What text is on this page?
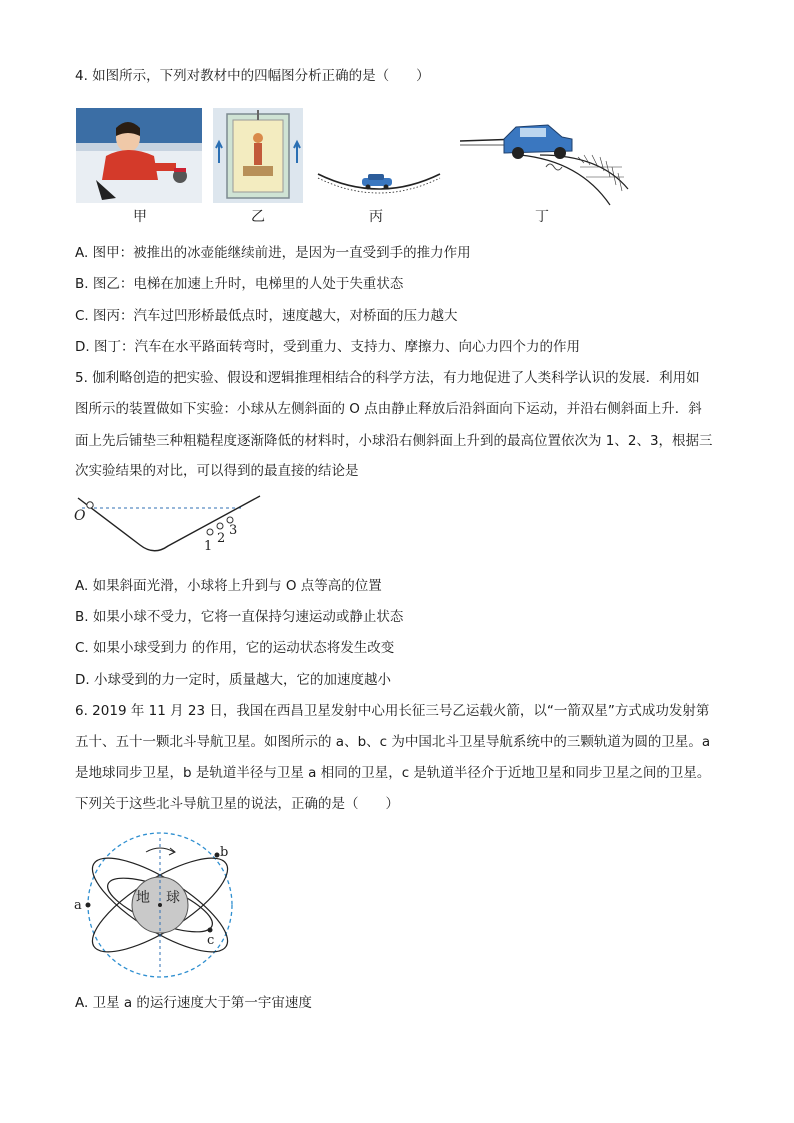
4. 如图所示，下列对教材中的四幅图分析正确的是（　　）
甲	乙	丙	丁
A. 图甲：被推出的冰壶能继续前进，是因为一直受到手的推力作用
B. 图乙：电梯在加速上升时，电梯里的人处于失重状态
C. 图丙：汽车过凹形桥最低点时，速度越大，对桥面的压力越大
D. 图丁：汽车在水平路面转弯时，受到重力、支持力、摩擦力、向心力四个力的作用
5. 伽利略创造的把实验、假设和逻辑推理相结合的科学方法，有力地促进了人类科学认识的发展．利用如
图所示的装置做如下实验：小球从左侧斜面的 O 点由静止释放后沿斜面向下运动，并沿右侧斜面上升．斜
面上先后铺垫三种粗糙程度逐渐降低的材料时，小球沿右侧斜面上升到的最高位置依次为 1、2、3，根据三
次实验结果的对比，可以得到的最直接的结论是
O
1
2
3
A. 如果斜面光滑，小球将上升到与 O 点等高的位置
B. 如果小球不受力，它将一直保持匀速运动或静止状态
C. 如果小球受到力 的作用，它的运动状态将发生改变
D. 小球受到的力一定时，质量越大，它的加速度越小
6. 2019 年 11 月 23 日，我国在西昌卫星发射中心用长征三号乙运载火箭，以“一箭双星”方式成功发射第
五十、五十一颗北斗导航卫星。如图所示的 a、b、c 为中国北斗卫星导航系统中的三颗轨道为圆的卫星。a
是地球同步卫星，b 是轨道半径与卫星 a 相同的卫星，c 是轨道半径介于近地卫星和同步卫星之间的卫星。
下列关于这些北斗导航卫星的说法，正确的是（　　）
地 球
a
b
c
A. 卫星 a 的运行速度大于第一宇宙速度
